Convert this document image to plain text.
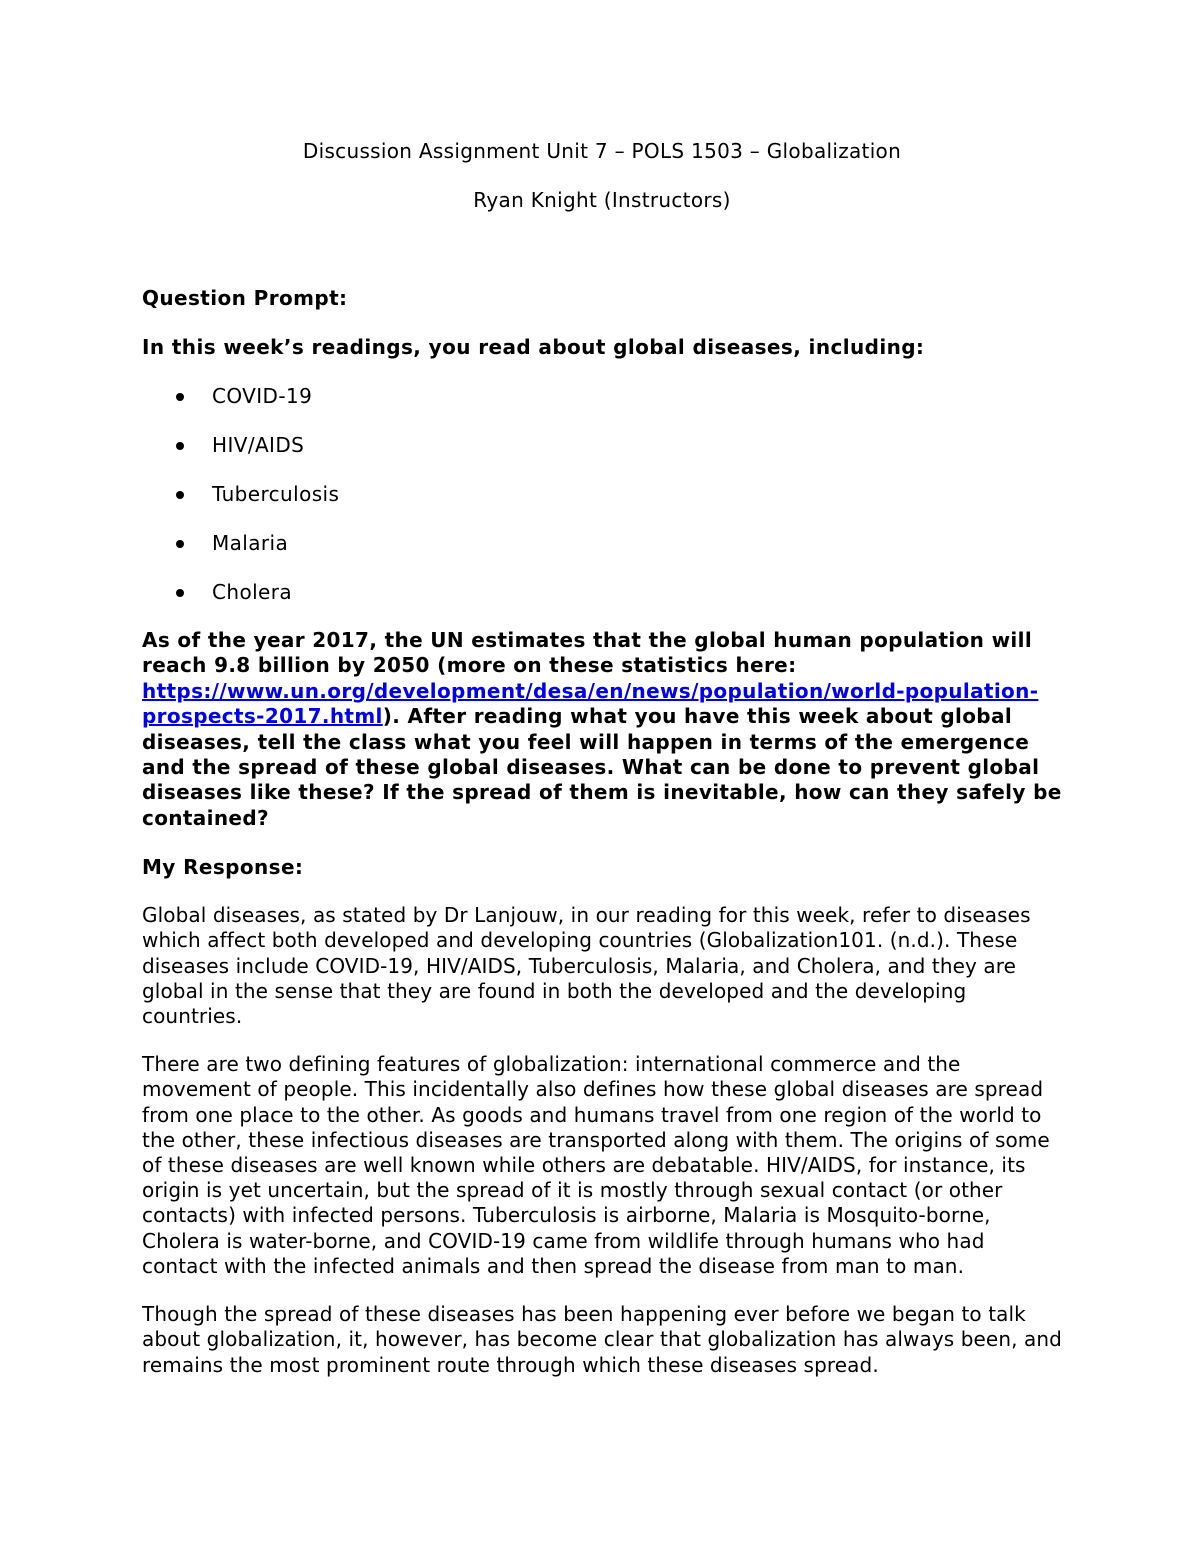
Discussion Assignment Unit 7 – POLS 1503 – Globalization
Ryan Knight (Instructors)
Question Prompt:
In this week’s readings, you read about global diseases, including:
COVID-19
HIV/AIDS
Tuberculosis
Malaria
Cholera

As of the year 2017, the UN estimates that the global human population will reach 9.8 billion by 2050 (more on these statistics here: https://www.un.org/development/desa/en/news/population/world-population-prospects-2017.html). After reading what you have this week about global diseases, tell the class what you feel will happen in terms of the emergence and the spread of these global diseases. What can be done to prevent global diseases like these? If the spread of them is inevitable, how can they safely be contained?

My Response:

Global diseases, as stated by Dr Lanjouw, in our reading for this week, refer to diseases which affect both developed and developing countries (Globalization101. (n.d.). These diseases include COVID-19, HIV/AIDS, Tuberculosis, Malaria, and Cholera, and they are global in the sense that they are found in both the developed and the developing countries.

There are two defining features of globalization: international commerce and the movement of people. This incidentally also defines how these global diseases are spread from one place to the other. As goods and humans travel from one region of the world to the other, these infectious diseases are transported along with them. The origins of some of these diseases are well known while others are debatable. HIV/AIDS, for instance, its origin is yet uncertain, but the spread of it is mostly through sexual contact (or other contacts) with infected persons. Tuberculosis is airborne, Malaria is Mosquito-borne, Cholera is water-borne, and COVID-19 came from wildlife through humans who had contact with the infected animals and then spread the disease from man to man.

Though the spread of these diseases has been happening ever before we began to talk about globalization, it, however, has become clear that globalization has always been, and remains the most prominent route through which these diseases spread.
